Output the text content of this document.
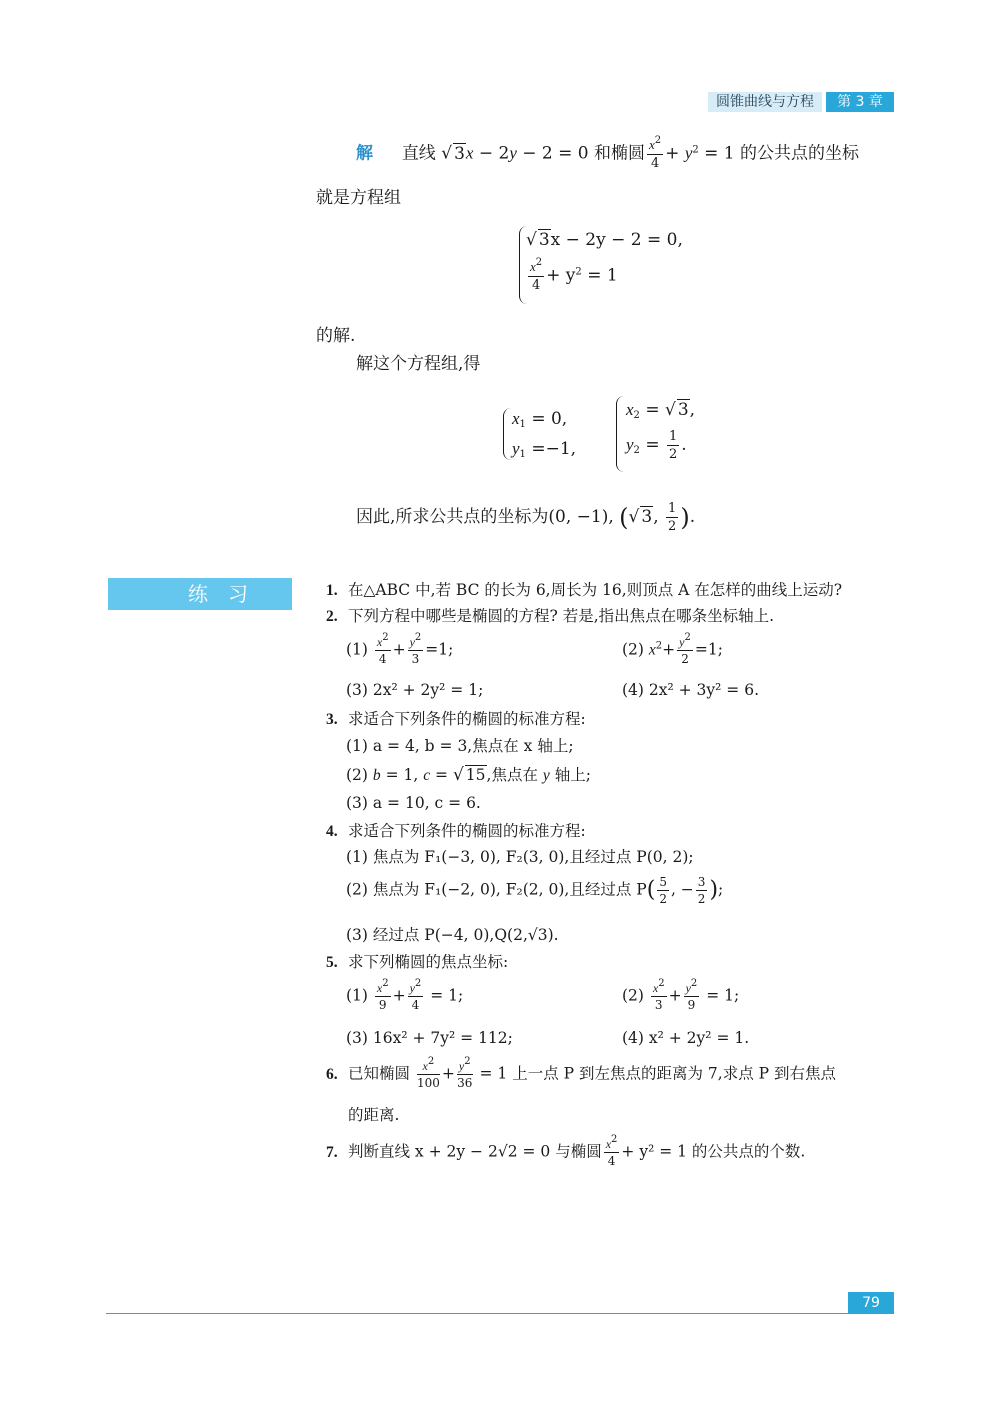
圆锥曲线与方程	第 3 章
解 直线 √ 3x − 2y − 2 = 0 和椭圆 $\frac{x^2}{4} + y^2 = 1$ 的公共点的坐标
就是方程组
√ 3x − 2y − 2 = 0,
$\frac{x^2}{4} + y^2 = 1$
的解.
解这个方程组,得
$x_1 = 0$,
$y_1 =-1$,
$x_2$ = √ 3,
$y_2 = \frac{1}{2}$ .
因此,所求公共点的坐标为(0, −1), (√ 3, $\frac{1}{2}$ ).
练　习	1. 在△ABC 中,若 BC 的长为 6,周长为 16,则顶点 A 在怎样的曲线上运动?
2. 下列方程中哪些是椭圆的方程? 若是,指出焦点在哪条坐标轴上.
$(1) \frac{x^2}{4} + \frac{y^2}{3} =1$;	(2) $x^2+ \frac{y^2}{2} =1$;
(3) 2x² + 2y² = 1;	(4) 2x² + 3y² = 6.
3. 求适合下列条件的椭圆的标准方程:
(1) a = 4, b = 3,焦点在 x 轴上;
(2) b = 1, c = √ 15,焦点在 y 轴上;
(3) a = 10, c = 6.
4. 求适合下列条件的椭圆的标准方程:
(1) 焦点为 F₁(−3, 0), F₂(3, 0),且经过点 P(0, 2);
(2) 焦点为 F₁(−2, 0), F₂(2, 0),且经过点 $P( \frac{5}{2}$ , − $\frac{3}{2}$ );
(3) 经过点 P(−4, 0),Q(2,√3).
5. 求下列椭圆的焦点坐标:
$(1) \frac{x^2}{9} + \frac{y^2}{4} = 1$;	$(2) \frac{x^2}{3} + \frac{y^2}{9} = 1$;
(3) 16x² + 7y² = 112;	(4) x² + 2y² = 1.
6. 已知椭圆 $\frac{x^2}{100} + \frac{y^2}{36} = 1$ 上一点 P 到左焦点的距离为 7,求点 P 到右焦点
的距离.
7. 判断直线 x + 2y − 2√2 = 0 与椭圆 $\frac{x^2}{4} + y^2 = 1$ 的公共点的个数.
79
